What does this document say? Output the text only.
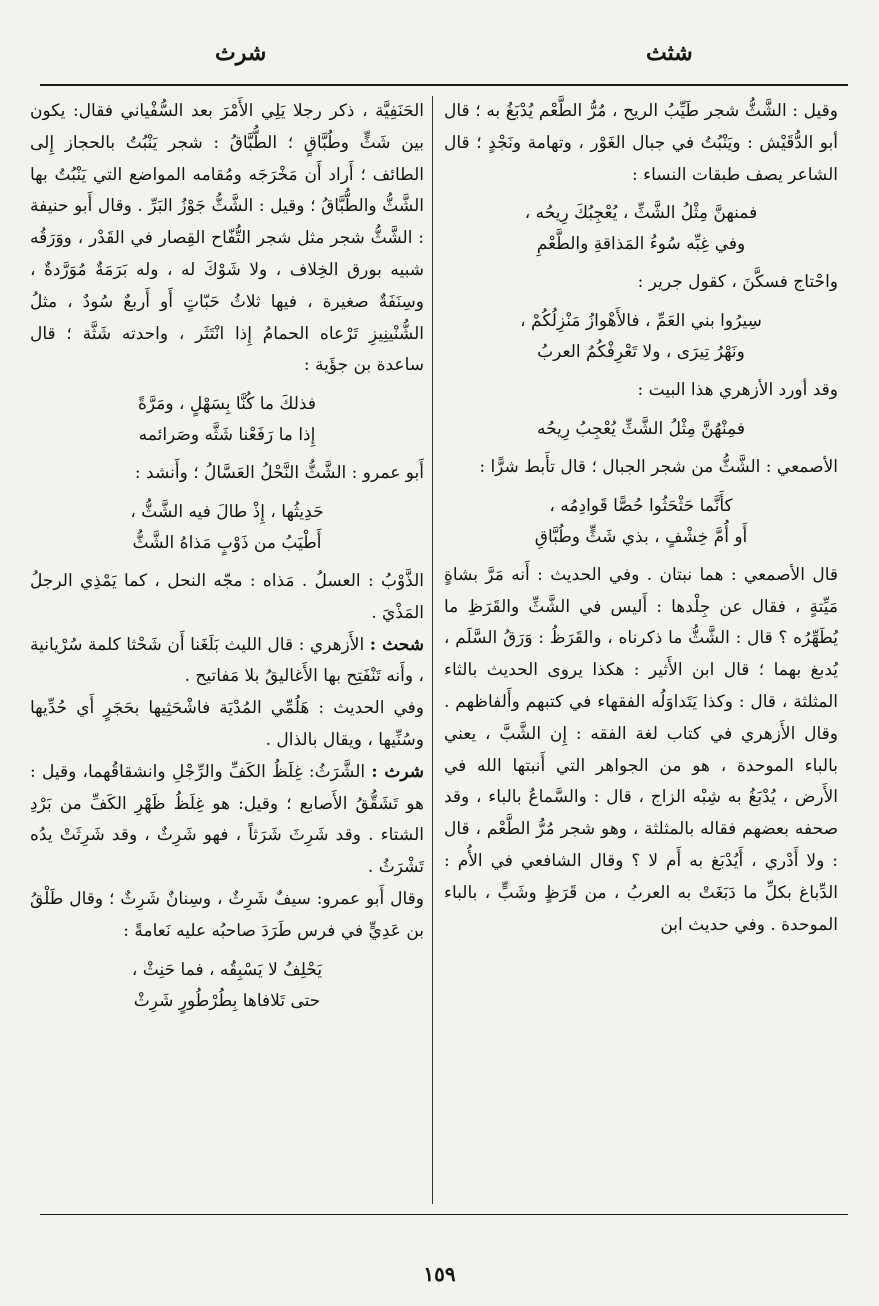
شثث
شرث

وقيل : الشَّثُّ شجر طَيِّبُ الريح ، مُرُّ الطَّعْم يُدْبَغُ به ؛ قال أبو الدُّقَيْش : ويَنْبُتُ في جبال الغَوْر ، وتهامة ونَجْدٍ ؛ قال الشاعر يصف طبقات النساء :

فمنهنَّ مِثْلُ الشَّثِّ ، يُعْجِبُكَ رِيحُه ،
وفي غِبِّه سُوءُ المَذاقةِ والطَّعْمِ

واحْتاج فسكَّنَ ، كقول جرير :

سِيرُوا بني العَمِّ ، فالأَهْوازُ مَنْزِلُكُمْ ،
ونَهْرُ تِيرَى ، ولا تَعْرِفْكُمُ العربُ

وقد أورد الأزهري هذا البيت :

فمِنْهُنَّ مِثْلُ الشَّثِّ يُعْجِبُ رِيحُه

الأصمعي : الشَّثُّ من شجر الجبال ؛ قال تأَبط شرًّا :

كأَنَّما حَثْحَثُوا حُصًّا قَوادِمُه ،
أَو أُمَّ خِشْفٍ ، بذي شَثٍّ وطُبَّاقِ

قال الأصمعي : هما نبتان . وفي الحديث : أَنه مَرَّ بشاةٍ مَيِّتةٍ ، فقال عن جِلْدها : أَليس في الشَّثِّ والقَرَظِ ما يُطَهِّرُه ؟ قال : الشَّثُّ ما ذكرناه ، والقَرَظُ : وَرَقُ السَّلَم ، يُدبغ بهما ؛ قال ابن الأَثير : هكذا يروى الحديث بالثاء المثلثة ، قال : وكذا يَتَداوَلُه الفقهاء في كتبهم وأَلفاظهم . وقال الأَزهري في كتاب لغة الفقه : إِن الشَّبَّ ، يعني بالباء الموحدة ، هو من الجواهر التي أَنبتها الله في الأَرض ، يُدْبَغُ به شِبْه الزاج ، قال : والسَّماعُ بالباء ، وقد صحفه بعضهم فقاله بالمثلثة ، وهو شجر مُرُّ الطَّعْم ، قال : ولا أَدْري ، أَيُدْبَغ به أَم لا ؟ وقال الشافعي في الأُم : الدِّباغ بكلِّ ما دَبَغَتْ به العربُ ، من قَرَظٍ وشَبٍّ ، بالباء الموحدة . وفي حديث ابن

الحَنَفِيَّة ، ذكر رجلا يَلِي الأَمْرَ بعد السُّفْياني فقال: يكون بين شَثٍّ وطُبَّاقٍ ؛ الطُّبَّاقُ : شجر يَنْبُتُ بالحجاز إِلى الطائف ؛ أَراد أَن مَخْرَجَه ومُقامه المواضع التي يَنْبُتُ بها الشَّثُّ والطُّبَّاقُ ؛ وقيل : الشَّثُّ جَوْزُ البَرِّ . وقال أَبو حنيفة : الشَّثُّ شجر مثل شجر التُّفّاح القِصار في القَدْر ، ووَرَقُه شبيه بورق الخِلاف ، ولا شَوْكَ له ، وله بَرَمَةٌ مُوَرَّدةٌ ، وسِنَفَةٌ صغيرة ، فيها ثلاثُ حَبّاتٍ أَو أَربعٌ سُودٌ ، مثلُ الشُّنْينِيزِ تَرْعاه الحمامُ إِذا انْتَثَر ، واحدته شَثَّة ؛ قال ساعدة بن جؤَية :

فذلكَ ما كُنَّا بِسَهْلٍ ، ومَرَّةً
إِذا ما رَفَعْنا شَثَّه وصَرائمه

أَبو عمرو : الشَّثُّ النَّحْلُ العَسَّالُ ؛ وأَنشد :

حَدِيثُها ، إِذْ طالَ فيه الشَّثُّ ،
أَطْيَبُ من ذَوْبٍ مَذاهُ الشَّثُّ

الذَّوْبُ : العسلُ . مَذاه : مجّه النحل ، كما يَمْذِي الرجلُ المَذْيَ .

شحث : الأَزهري : قال الليث بَلَغَنا أَن شَحْثا كلمة سُرْيانية ، وأَنه تَنْفَتِح بها الأَغاليقُ بلا مَفاتيح .

وفي الحديث : هَلُمِّي المُدْيَة فاشْحَثِيها بحَجَرٍ أَي حُدِّيها وسُنِّيها ، ويقال بالذال .

شرث : الشَّرَثُ: غِلَظُ الكَفِّ والرِّجْلِ وانشقاقُهما، وقيل : هو تَشَقُّقُ الأَصابع ؛ وقيل: هو غِلَظُ ظَهْرِ الكَفِّ من بَرْدِ الشتاء . وقد شَرِثَ شَرَثاً ، فهو شَرِثٌ ، وقد شَرِثَتْ يدُه تَشْرَثُ .

وقال أَبو عمرو: سيفٌ شَرِثٌ ، وسِنانٌ شَرِثٌ ؛ وقال طَلْقُ بن عَدِيٍّ في فرس طَرَدَ صاحبُه عليه نَعامةً :

يَحْلِفُ لا يَسْبِقُه ، فما حَنِثْ ،
حتى تَلافاها بِطُرْطُورٍ شَرِثْ

١٥٩
